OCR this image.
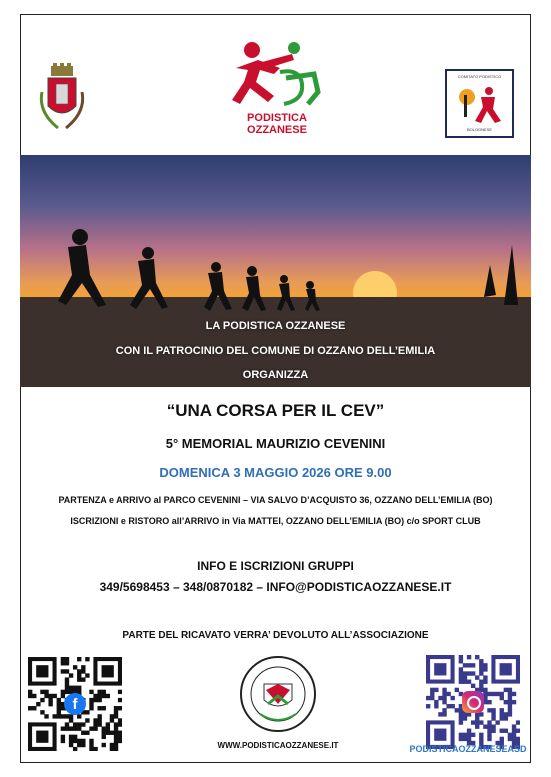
PODISTICA OZZANESE
COMITATO PODISTICO
BOLOGNESE
LA PODISTICA OZZANESE
CON IL PATROCINIO DEL COMUNE DI OZZANO DELL’EMILIA
ORGANIZZA
“UNA CORSA PER IL CEV”
5° MEMORIAL MAURIZIO CEVENINI
DOMENICA 3 MAGGIO 2026 ORE 9.00
PARTENZA e ARRIVO al PARCO CEVENINI – VIA SALVO D’ACQUISTO 36, OZZANO DELL’EMILIA (BO)
ISCRIZIONI e RISTORO all’ARRIVO in Via MATTEI, OZZANO DELL’EMILIA (BO) c/o SPORT CLUB
INFO E ISCRIZIONI GRUPPI
349/5698453 – 348/0870182 – INFO@PODISTICAOZZANESE.IT
PARTE DEL RICAVATO VERRA’ DEVOLUTO ALL’ASSOCIAZIONE
f
WWW.PODISTICAOZZANESE.IT	PODISTICAOZZANESEASD
